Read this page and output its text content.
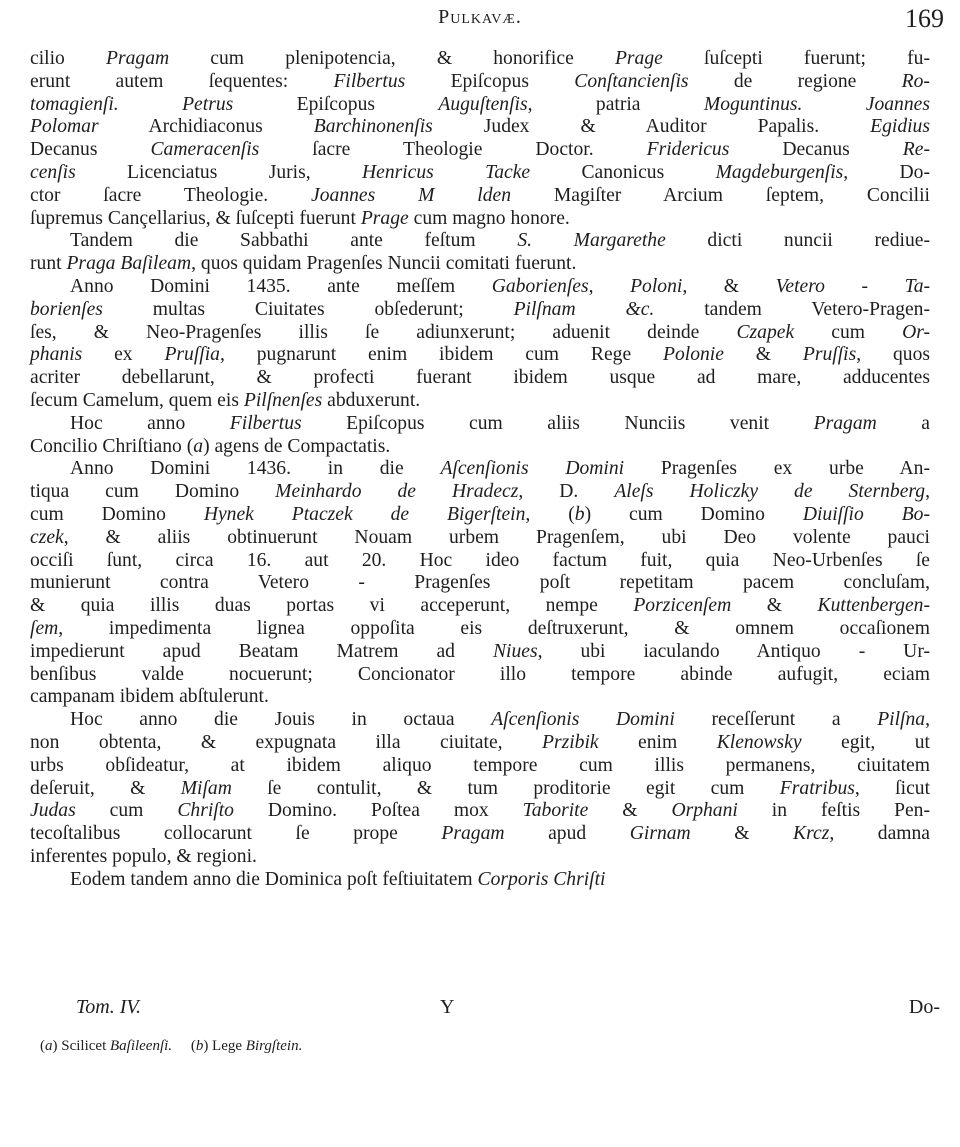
Pulkavæ.	169

cilio Pragam cum plenipotencia, & honorifice Prage ſuſcepti fuerunt; fu-

erunt autem ſequentes: Filbertus Epiſcopus Conſtancienſis de regione Ro-

tomagienſi.	Petrus Epiſcopus Auguſtenſis, patria Moguntinus.	Joannes

Polomar Archidiaconus Barchinonenſis Judex & Auditor Papalis. Egidius

Decanus Cameracenſis ſacre Theologie Doctor. Fridericus Decanus Re-

cenſis Licenciatus Juris, Henricus Tacke Canonicus Magdeburgenſis, Do-

ctor ſacre Theologie. Joannes M lden Magiſter Arcium ſeptem, Concilii

ſupremus Cançellarius, & ſuſcepti fuerunt Prage cum magno honore.

Tandem die Sabbathi ante feſtum S. Margarethe dicti nuncii rediue-

runt Praga Baſileam, quos quidam Pragenſes Nuncii comitati fuerunt.

Anno Domini 1435. ante meſſem Gaborienſes, Poloni, & Vetero - Ta-

borienſes multas Ciuitates obſederunt; Pilſnam &c. tandem Vetero-Pragen-

ſes, & Neo-Pragenſes illis ſe adiunxerunt; aduenit deinde Czapek cum Or-

phanis ex Pruſſia, pugnarunt enim ibidem cum Rege Polonie & Pruſſis, quos

acriter debellarunt, & profecti fuerant ibidem usque ad mare, adducentes

ſecum Camelum, quem eis Pilſnenſes abduxerunt.

Hoc anno Filbertus Epiſcopus cum aliis Nunciis venit Pragam a

Concilio Chriſtiano (a) agens de Compactatis.

Anno Domini 1436. in die Aſcenſionis Domini Pragenſes ex urbe An-

tiqua cum Domino Meinhardo de Hradecz, D. Aleſs Holiczky de Sternberg,

cum Domino Hynek Ptaczek de Bigerſtein, (b) cum Domino Diuiſſio Bo-

czek, & aliis obtinuerunt Nouam urbem Pragenſem, ubi Deo volente pauci

occiſi ſunt, circa 16. aut 20. Hoc ideo factum fuit, quia Neo-Urbenſes ſe

munierunt contra Vetero - Pragenſes poſt repetitam pacem concluſam,

& quia illis duas portas vi acceperunt, nempe Porzicenſem & Kuttenbergen-

ſem, impedimenta lignea oppoſita eis deſtruxerunt, & omnem occaſionem

impedierunt apud Beatam Matrem ad Niues, ubi iaculando Antiquo - Ur-

benſibus valde nocuerunt; Concionator illo tempore abinde aufugit, eciam

campanam ibidem abſtulerunt.

Hoc anno die Jouis in octaua Aſcenſionis Domini receſſerunt a Pilſna,

non obtenta, & expugnata illa ciuitate, Przibik enim Klenowsky egit, ut

urbs obſideatur, at ibidem aliquo tempore cum illis permanens, ciuitatem

deſeruit, & Miſam ſe contulit, & tum proditorie egit cum Fratribus, ſicut

Judas cum Chriſto Domino. Poſtea mox Taborite & Orphani in feſtis Pen-

tecoſtalibus collocarunt ſe prope Pragam apud Girnam & Krcz, damna

inferentes populo, & regioni.

Eodem tandem anno die Dominica poſt feſtiuitatem Corporis Chriſti

Tom. IV.	Y	Do-
(a) Scilicet Baſileenſi.     (b) Lege Birgſtein.
